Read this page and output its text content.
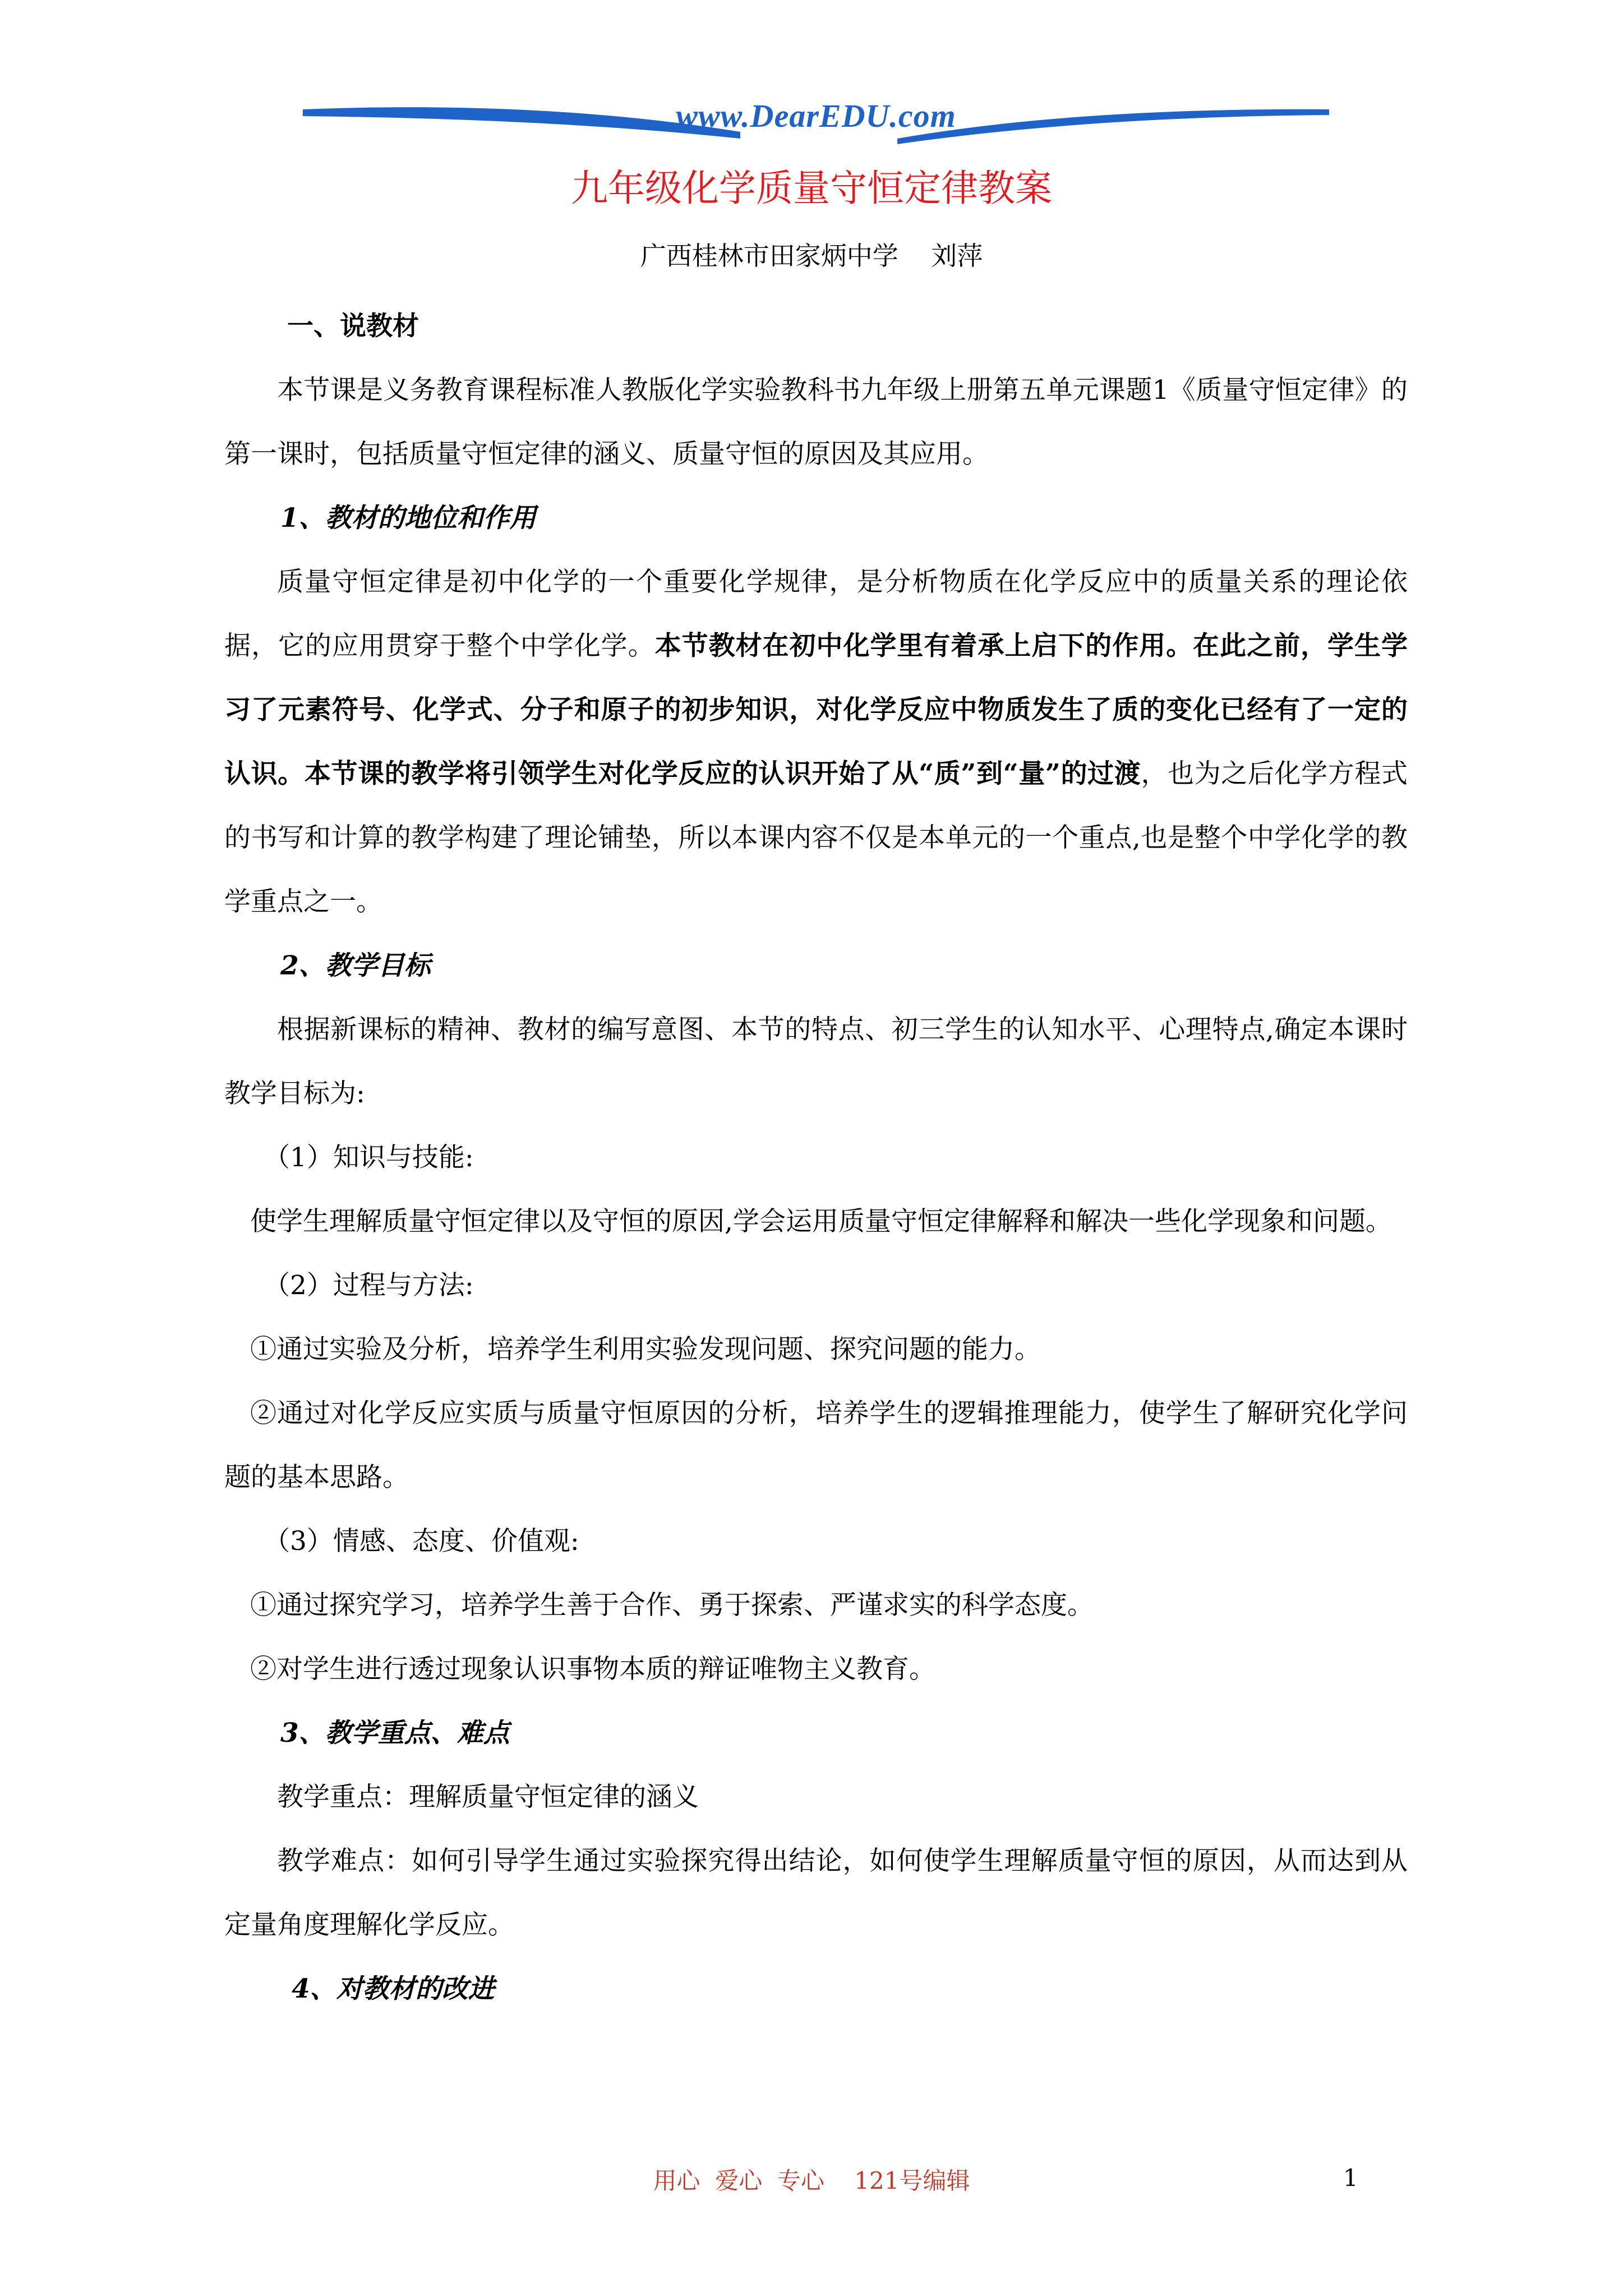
www.DearEDU.com
九年级化学质量守恒定律教案
广西桂林市田家炳中学    刘萍

一、说教材

本节课是义务教育课程标准人教版化学实验教科书九年级上册第五单元课题1《质量守恒定律》的第一课时，包括质量守恒定律的涵义、质量守恒的原因及其应用。

1、教材的地位和作用

质量守恒定律是初中化学的一个重要化学规律，是分析物质在化学反应中的质量关系的理论依据，它的应用贯穿于整个中学化学。本节教材在初中化学里有着承上启下的作用。在此之前，学生学习了元素符号、化学式、分子和原子的初步知识，对化学反应中物质发生了质的变化已经有了一定的认识。本节课的教学将引领学生对化学反应的认识开始了从“质”到“量”的过渡，也为之后化学方程式的书写和计算的教学构建了理论铺垫，所以本课内容不仅是本单元的一个重点,也是整个中学化学的教学重点之一。

2、教学目标

根据新课标的精神、教材的编写意图、本节的特点、初三学生的认知水平、心理特点,确定本课时教学目标为:

（1）知识与技能:

使学生理解质量守恒定律以及守恒的原因,学会运用质量守恒定律解释和解决一些化学现象和问题。

（2）过程与方法:

①通过实验及分析，培养学生利用实验发现问题、探究问题的能力。

②通过对化学反应实质与质量守恒原因的分析，培养学生的逻辑推理能力，使学生了解研究化学问题的基本思路。

（3）情感、态度、价值观:

①通过探究学习，培养学生善于合作、勇于探索、严谨求实的科学态度。

②对学生进行透过现象认识事物本质的辩证唯物主义教育。

3、教学重点、难点

教学重点：理解质量守恒定律的涵义

教学难点：如何引导学生通过实验探究得出结论，如何使学生理解质量守恒的原因，从而达到从定量角度理解化学反应。

4、对教材的改进

用心  爱心  专心    121号编辑	1
